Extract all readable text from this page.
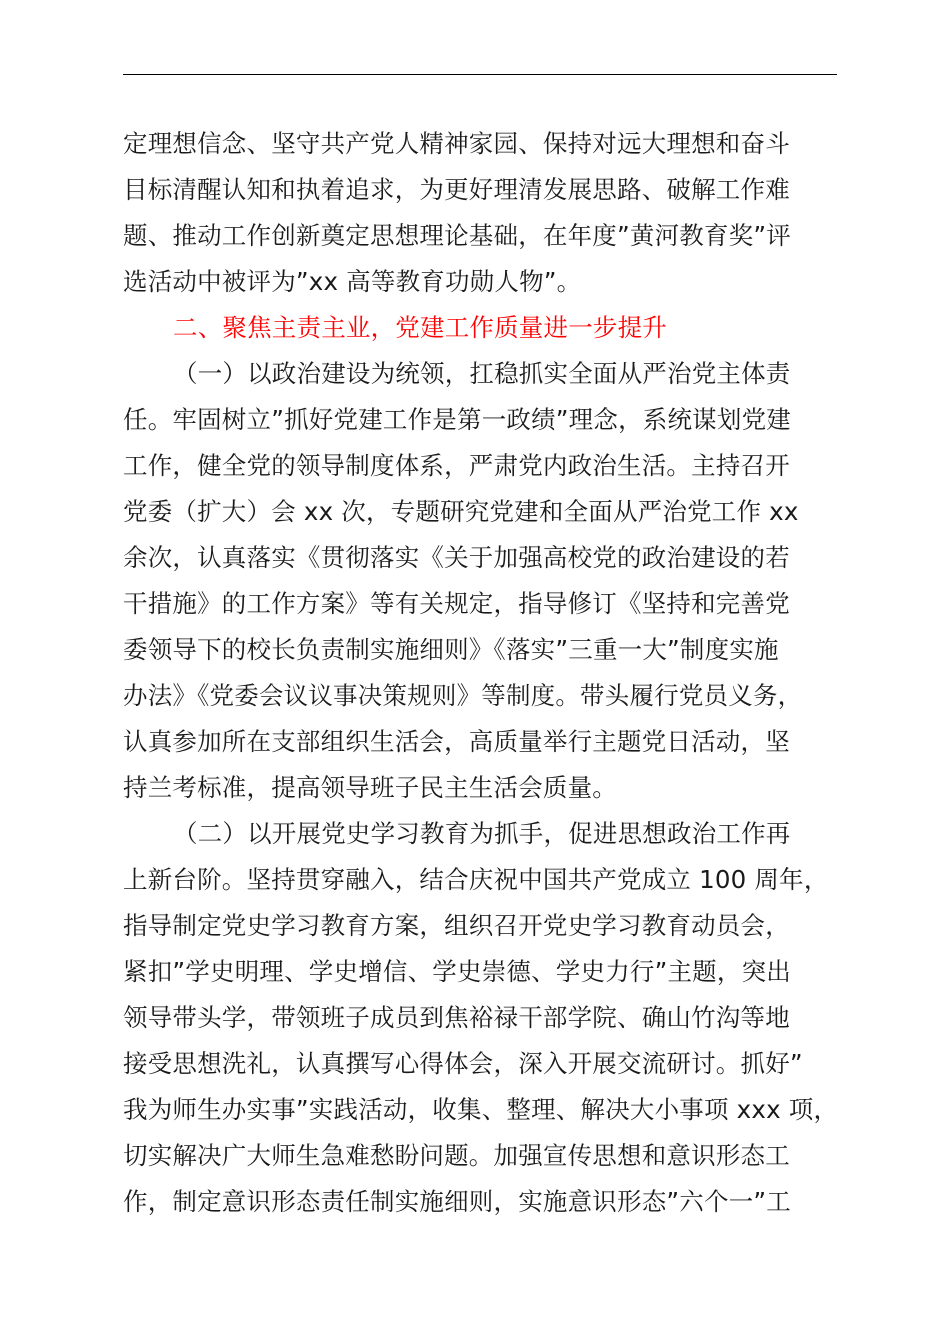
定理想信念、坚守共产党人精神家园、保持对远大理想和奋斗
目标清醒认知和执着追求，为更好理清发展思路、破解工作难
题、推动工作创新奠定思想理论基础，在年度”黄河教育奖”评
选活动中被评为”xx 高等教育功勋人物”。
二、聚焦主责主业，党建工作质量进一步提升
（一）以政治建设为统领，扛稳抓实全面从严治党主体责
任。牢固树立”抓好党建工作是第一政绩”理念，系统谋划党建
工作，健全党的领导制度体系，严肃党内政治生活。主持召开
党委（扩大）会 xx 次，专题研究党建和全面从严治党工作 xx
余次，认真落实《贯彻落实《关于加强高校党的政治建设的若
干措施》的工作方案》等有关规定，指导修订《坚持和完善党
委领导下的校长负责制实施细则》《落实”三重一大”制度实施
办法》《党委会议议事决策规则》等制度。带头履行党员义务，
认真参加所在支部组织生活会，高质量举行主题党日活动，坚
持兰考标准，提高领导班子民主生活会质量。
（二）以开展党史学习教育为抓手，促进思想政治工作再
上新台阶。坚持贯穿融入，结合庆祝中国共产党成立 100 周年，
指导制定党史学习教育方案，组织召开党史学习教育动员会，
紧扣”学史明理、学史增信、学史崇德、学史力行”主题，突出
领导带头学，带领班子成员到焦裕禄干部学院、确山竹沟等地
接受思想洗礼，认真撰写心得体会，深入开展交流研讨。抓好”
我为师生办实事”实践活动，收集、整理、解决大小事项 xxx 项，
切实解决广大师生急难愁盼问题。加强宣传思想和意识形态工
作，制定意识形态责任制实施细则，实施意识形态”六个一”工
